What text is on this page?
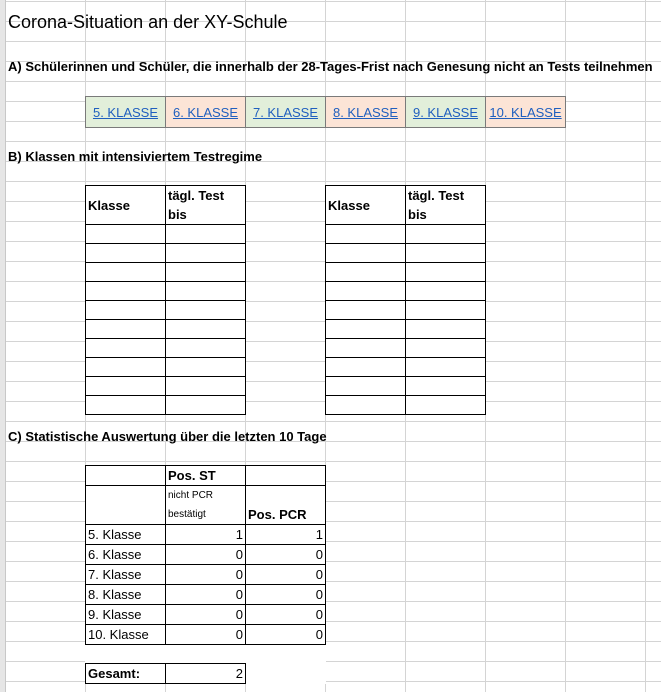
Corona-Situation an der XY-Schule
A) Schülerinnen und Schüler, die innerhalb der 28-Tages-Frist nach Genesung nicht an Tests teilnehmen
5. KLASSE	6. KLASSE	7. KLASSE	8. KLASSE	9. KLASSE 10. KLASSE
B) Klassen mit intensiviertem Testregime
Klasse	tägl. Test bis

Klasse	tägl. Test bis

C) Statistische Auswertung über die letzten 10 Tage
	Pos. ST	
	nicht PCR bestätigt	Pos. PCR
5. Klasse	1	1
6. Klasse	0	0
7. Klasse	0	0
8. Klasse	0	0
9. Klasse	0	0
10. Klasse	0	0

Gesamt:	2	
